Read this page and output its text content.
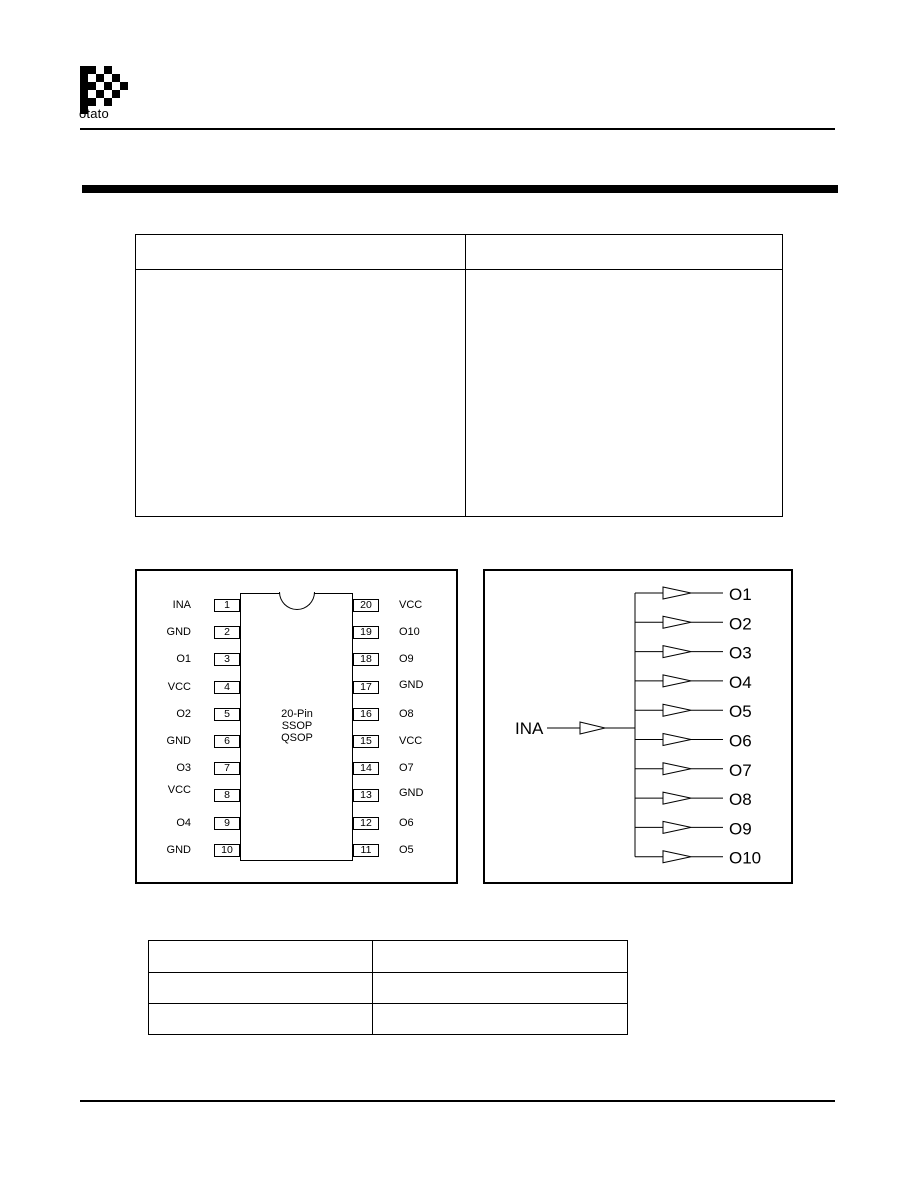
otato
20-Pin
SSOP
QSOP
1
INA
2
GND
3
O1
4
VCC
5
O2
6
GND
7
O3
8
VCC
9
O4
10
GND
20	VCC
19	O10
18	O9
17	GND
16	O8
15	VCC
14	O7
13	GND
12	O6
11	O5
INA
O1
O2
O3
O4
O5
O6
O7
O8
O9
O10
